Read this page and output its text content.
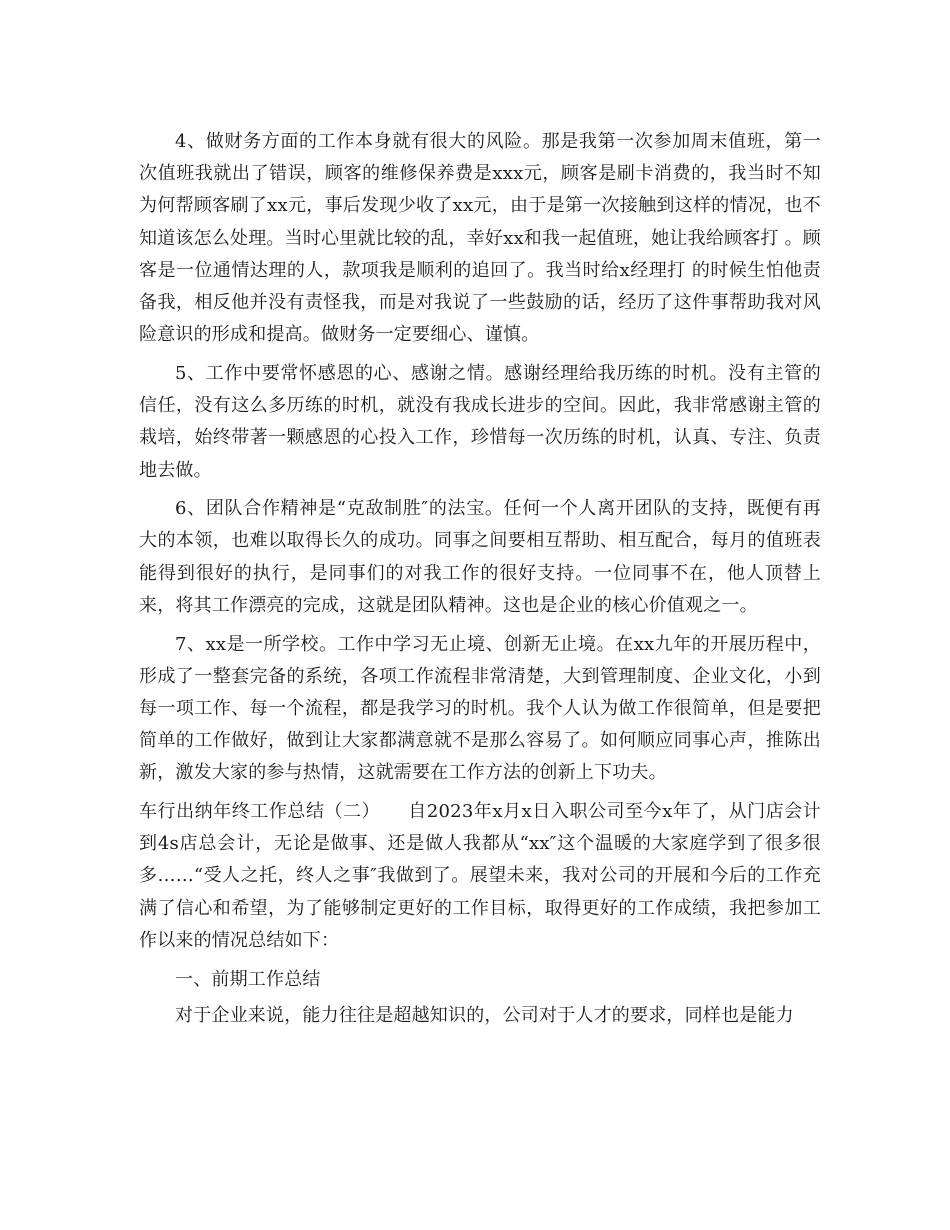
4、做财务方面的工作本身就有很大的风险。那是我第一次参加周末值班，第一次值班我就出了错误，顾客的维修保养费是xxx元，顾客是刷卡消费的，我当时不知为何帮顾客刷了xx元，事后发现少收了xx元，由于是第一次接触到这样的情况，也不知道该怎么处理。当时心里就比较的乱，幸好xx和我一起值班，她让我给顾客打 。顾客是一位通情达理的人，款项我是顺利的追回了。我当时给x经理打 的时候生怕他责备我，相反他并没有责怪我，而是对我说了一些鼓励的话，经历了这件事帮助我对风险意识的形成和提高。做财务一定要细心、谨慎。

5、工作中要常怀感恩的心、感谢之情。感谢经理给我历练的时机。没有主管的信任，没有这么多历练的时机，就没有我成长进步的空间。因此，我非常感谢主管的栽培，始终带著一颗感恩的心投入工作，珍惜每一次历练的时机，认真、专注、负责地去做。

6、团队合作精神是“克敌制胜″的法宝。任何一个人离开团队的支持，既便有再大的本领，也难以取得长久的成功。同事之间要相互帮助、相互配合，每月的值班表能得到很好的执行，是同事们的对我工作的很好支持。一位同事不在，他人顶替上来，将其工作漂亮的完成，这就是团队精神。这也是企业的核心价值观之一。

7、xx是一所学校。工作中学习无止境、创新无止境。在xx九年的开展历程中，形成了一整套完备的系统，各项工作流程非常清楚，大到管理制度、企业文化，小到每一项工作、每一个流程，都是我学习的时机。我个人认为做工作很简单，但是要把简单的工作做好，做到让大家都满意就不是那么容易了。如何顺应同事心声，推陈出新，激发大家的参与热情，这就需要在工作方法的创新上下功夫。

车行出纳年终工作总结（二）　　自2023年x月x日入职公司至今x年了，从门店会计到4s店总会计，无论是做事、还是做人我都从“xx″这个温暖的大家庭学到了很多很多……“受人之托，终人之事″我做到了。展望未来，我对公司的开展和今后的工作充满了信心和希望，为了能够制定更好的工作目标，取得更好的工作成绩，我把参加工作以来的情况总结如下：

一、前期工作总结

对于企业来说，能力往往是超越知识的，公司对于人才的要求，同样也是能力
